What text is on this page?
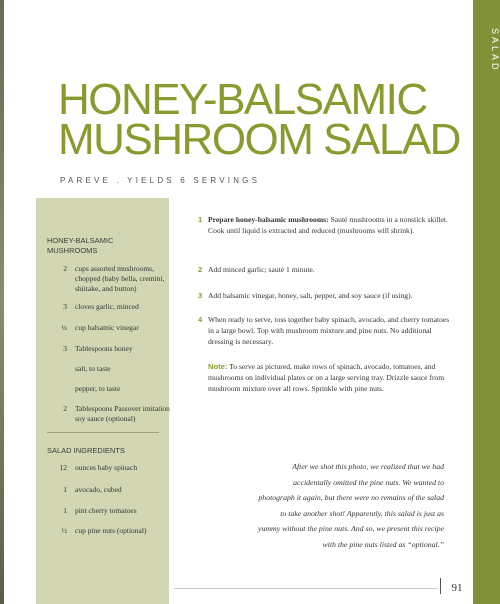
SALAD
HONEY-BALSAMIC
MUSHROOM SALAD
PAREVE . YIELDS 6 SERVINGS
HONEY-BALSAMIC MUSHROOMS
2 cups assorted mushrooms, chopped (baby bella, cremini, shiitake, and button)
3 cloves garlic, minced
¼ cup balsamic vinegar
3 Tablespoons honey
salt, to taste
pepper, to taste
2 Tablespoons Passover imitation soy sauce (optional)
SALAD INGREDIENTS
12 ounces baby spinach
1 avocado, cubed
1 pint cherry tomatoes
½ cup pine nuts (optional)
1 Prepare honey-balsamic mushrooms: Sauté mushrooms in a nonstick skillet. Cook until liquid is extracted and reduced (mushrooms will shrink).
2 Add minced garlic; sauté 1 minute.
3 Add balsamic vinegar, honey, salt, pepper, and soy sauce (if using).
4 When ready to serve, toss together baby spinach, avocado, and cherry tomatoes in a large bowl. Top with mushroom mixture and pine nuts. No additional dressing is necessary.
Note: To serve as pictured, make rows of spinach, avocado, tomatoes, and mushrooms on individual plates or on a large serving tray. Drizzle sauce from mushroom mixture over all rows. Sprinkle with pine nuts.
After we shot this photo, we realized that we had accidentally omitted the pine nuts. We wanted to photograph it again, but there were no remains of the salad to take another shot! Apparently, this salad is just as yummy without the pine nuts. And so, we present this recipe with the pine nuts listed as “optional.”
91
